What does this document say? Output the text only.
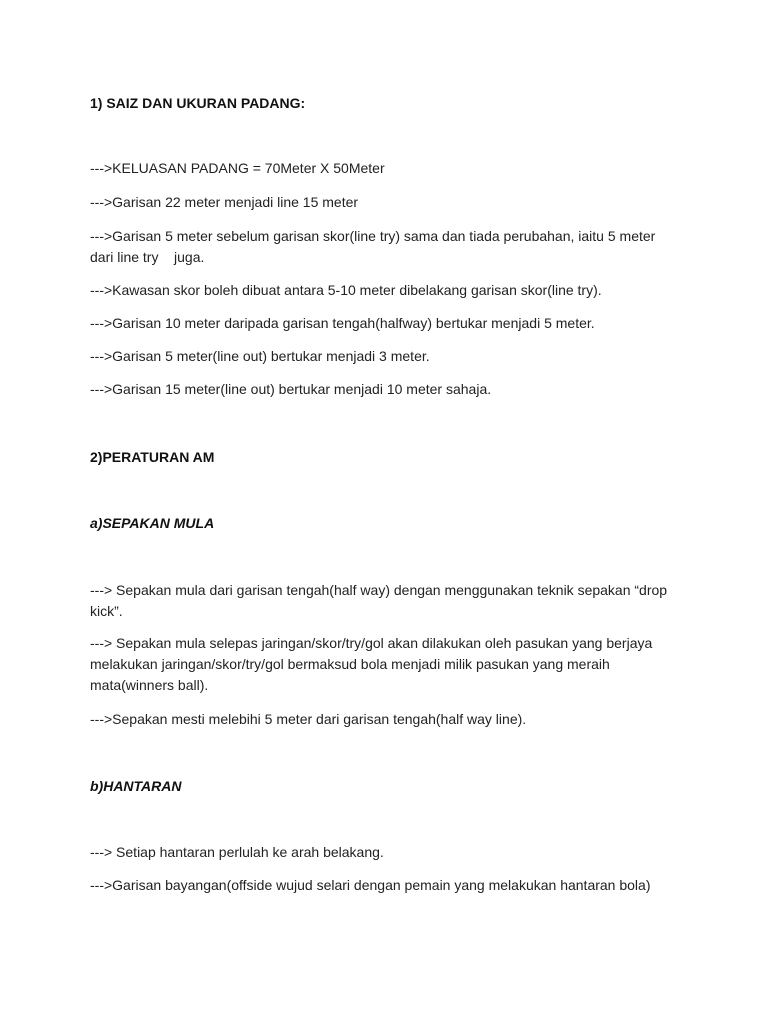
1) SAIZ DAN UKURAN PADANG:
--->KELUASAN PADANG = 70Meter X 50Meter
--->Garisan 22 meter menjadi line 15 meter
--->Garisan 5 meter sebelum garisan skor(line try) sama dan tiada perubahan, iaitu 5 meter dari line try    juga.
--->Kawasan skor boleh dibuat antara 5-10 meter dibelakang garisan skor(line try).
--->Garisan 10 meter daripada garisan tengah(halfway) bertukar menjadi 5 meter.
--->Garisan 5 meter(line out) bertukar menjadi 3 meter.
--->Garisan 15 meter(line out) bertukar menjadi 10 meter sahaja.
2)PERATURAN AM
a)SEPAKAN MULA
---> Sepakan mula dari garisan tengah(half way) dengan menggunakan teknik sepakan “drop kick”.
---> Sepakan mula selepas jaringan/skor/try/gol akan dilakukan oleh pasukan yang berjaya melakukan jaringan/skor/try/gol bermaksud bola menjadi milik pasukan yang meraih mata(winners ball).
--->Sepakan mesti melebihi 5 meter dari garisan tengah(half way line).
b)HANTARAN
---> Setiap hantaran perlulah ke arah belakang.
--->Garisan bayangan(offside wujud selari dengan pemain yang melakukan hantaran bola)
